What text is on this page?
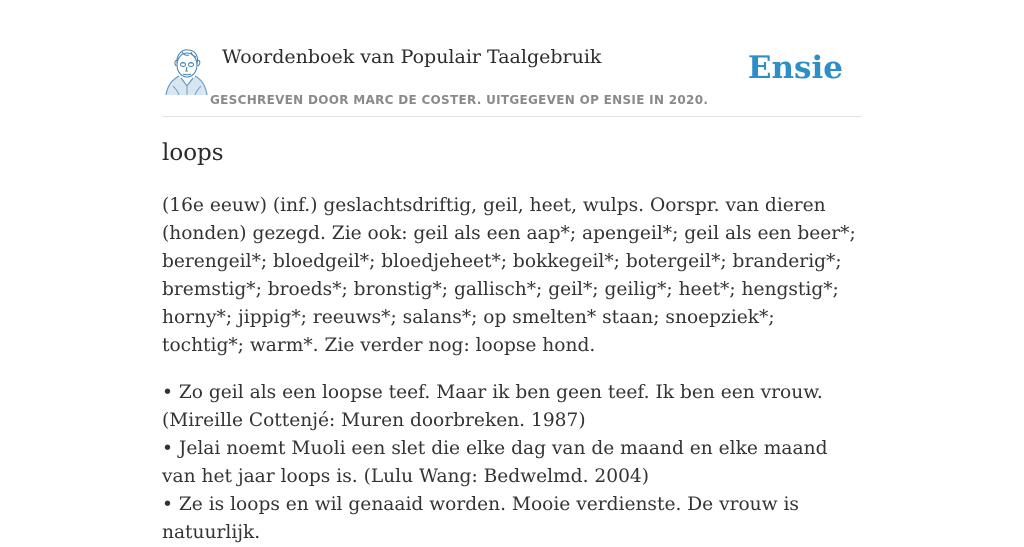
Woordenboek van Populair Taalgebruik
GESCHREVEN DOOR MARC DE COSTER. UITGEGEVEN OP ENSIE IN 2020.
Ensie
loops

(16e eeuw) (inf.) geslachtsdriftig, geil, heet, wulps. Oorspr. van dieren (honden) gezegd. Zie ook: geil als een aap*; apengeil*; geil als een beer*; berengeil*; bloedgeil*; bloedjeheet*; bokkegeil*; botergeil*; branderig*; bremstig*; broeds*; bronstig*; gallisch*; geil*; geilig*; heet*; hengstig*; horny*; jippig*; reeuws*; salans*; op smelten* staan; snoepziek*; tochtig*; warm*. Zie verder nog: loopse hond.

• Zo geil als een loopse teef. Maar ik ben geen teef. Ik ben een vrouw. (Mireille Cottenjé: Muren doorbreken. 1987)
• Jelai noemt Muoli een slet die elke dag van de maand en elke maand van het jaar loops is. (Lulu Wang: Bedwelmd. 2004)
• Ze is loops en wil genaaid worden. Mooie verdienste. De vrouw is natuurlijk.
